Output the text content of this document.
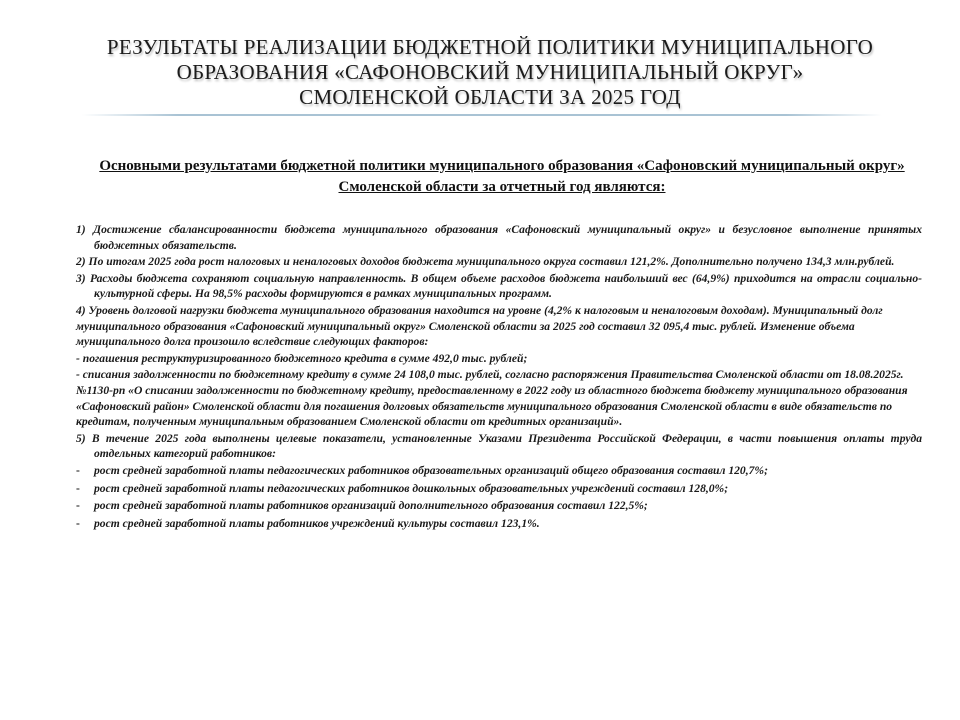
РЕЗУЛЬТАТЫ РЕАЛИЗАЦИИ БЮДЖЕТНОЙ ПОЛИТИКИ МУНИЦИПАЛЬНОГО
ОБРАЗОВАНИЯ «САФОНОВСКИЙ МУНИЦИПАЛЬНЫЙ ОКРУГ»
СМОЛЕНСКОЙ ОБЛАСТИ ЗА 2025 ГОД
Основными результатами бюджетной политики муниципального образования «Сафоновский муниципальный округ» Смоленской области за отчетный год являются:

1) Достижение сбалансированности бюджета муниципального образования «Сафоновский муниципальный округ» и безусловное выполнение принятых бюджетных обязательств.

2) По итогам 2025 года рост налоговых и неналоговых доходов бюджета муниципального округа составил 121,2%. Дополнительно получено 134,3 млн.рублей.

3) Расходы бюджета сохраняют социальную направленность. В общем объеме расходов бюджета наибольший вес (64,9%) приходится на отрасли социально-культурной сферы. На 98,5% расходы формируются в рамках муниципальных программ.

4) Уровень долговой нагрузки бюджета муниципального образования находится на уровне (4,2% к налоговым и неналоговым доходам). Муниципальный долг муниципального образования «Сафоновский муниципальный округ» Смоленской области за 2025 год составил 32 095,4 тыс. рублей. Изменение объема муниципального долга произошло вследствие следующих факторов:

- погашения реструктуризированного бюджетного кредита в сумме 492,0 тыс. рублей;

- списания задолженности по бюджетному кредиту в сумме 24 108,0 тыс. рублей, согласно распоряжения Правительства Смоленской области от 18.08.2025г. №1130-рп «О списании задолженности по бюджетному кредиту, предоставленному в 2022 году из областного бюджета бюджету муниципального образования «Сафоновский район» Смоленской области для погашения долговых обязательств муниципального образования Смоленской области в виде обязательств по кредитам, полученным муниципальным образованием Смоленской области от кредитных организаций».

5) В течение 2025 года выполнены целевые показатели, установленные Указами Президента Российской Федерации, в части повышения оплаты труда отдельных категорий работников:

- рост средней заработной платы педагогических работников образовательных организаций общего образования составил 120,7%;
- рост средней заработной платы педагогических работников дошкольных образовательных учреждений составил 128,0%;
- рост средней заработной платы работников организаций дополнительного образования составил 122,5%;
- рост средней заработной платы работников учреждений культуры составил 123,1%.
